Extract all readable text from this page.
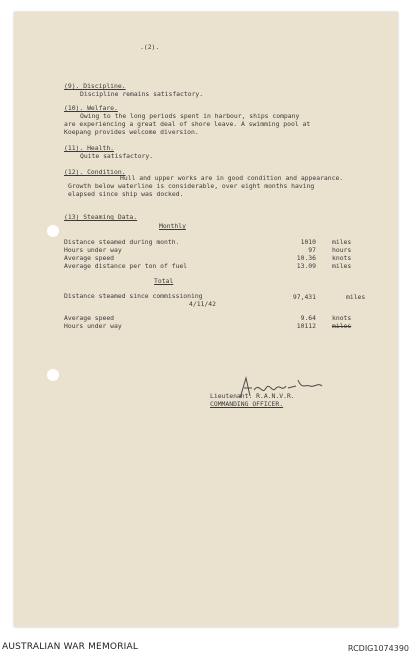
.(2).
(9). Discipline.
Discipline remains satisfactory.
(10). Welfare.
Owing to the long periods spent in harbour, ships company
are experiencing a great deal of shore leave. A swimming pool at
Koepang provides welcome diversion.
(11). Health.
Quite satisfactory.
(12). Condition.
Hull and upper works are in good condition and appearance.
Growth below waterline is considerable, over eight months having
elapsed since ship was docked.
(13) Steaming Data.
Monthly
Distance steamed during month.	1010	miles
Hours under way	97	hours
Average speed	10.36	knots
Average distance per ton of fuel	13.09	miles
Total
Distance steamed since commissioning
4/11/42
97,431	miles
Average speed	9.64	knots
Hours under way	10112	miles
Lieutenant. R.A.N.V.R.
COMMANDING OFFICER.
AUSTRALIAN WAR MEMORIAL	RCDIG1074390
